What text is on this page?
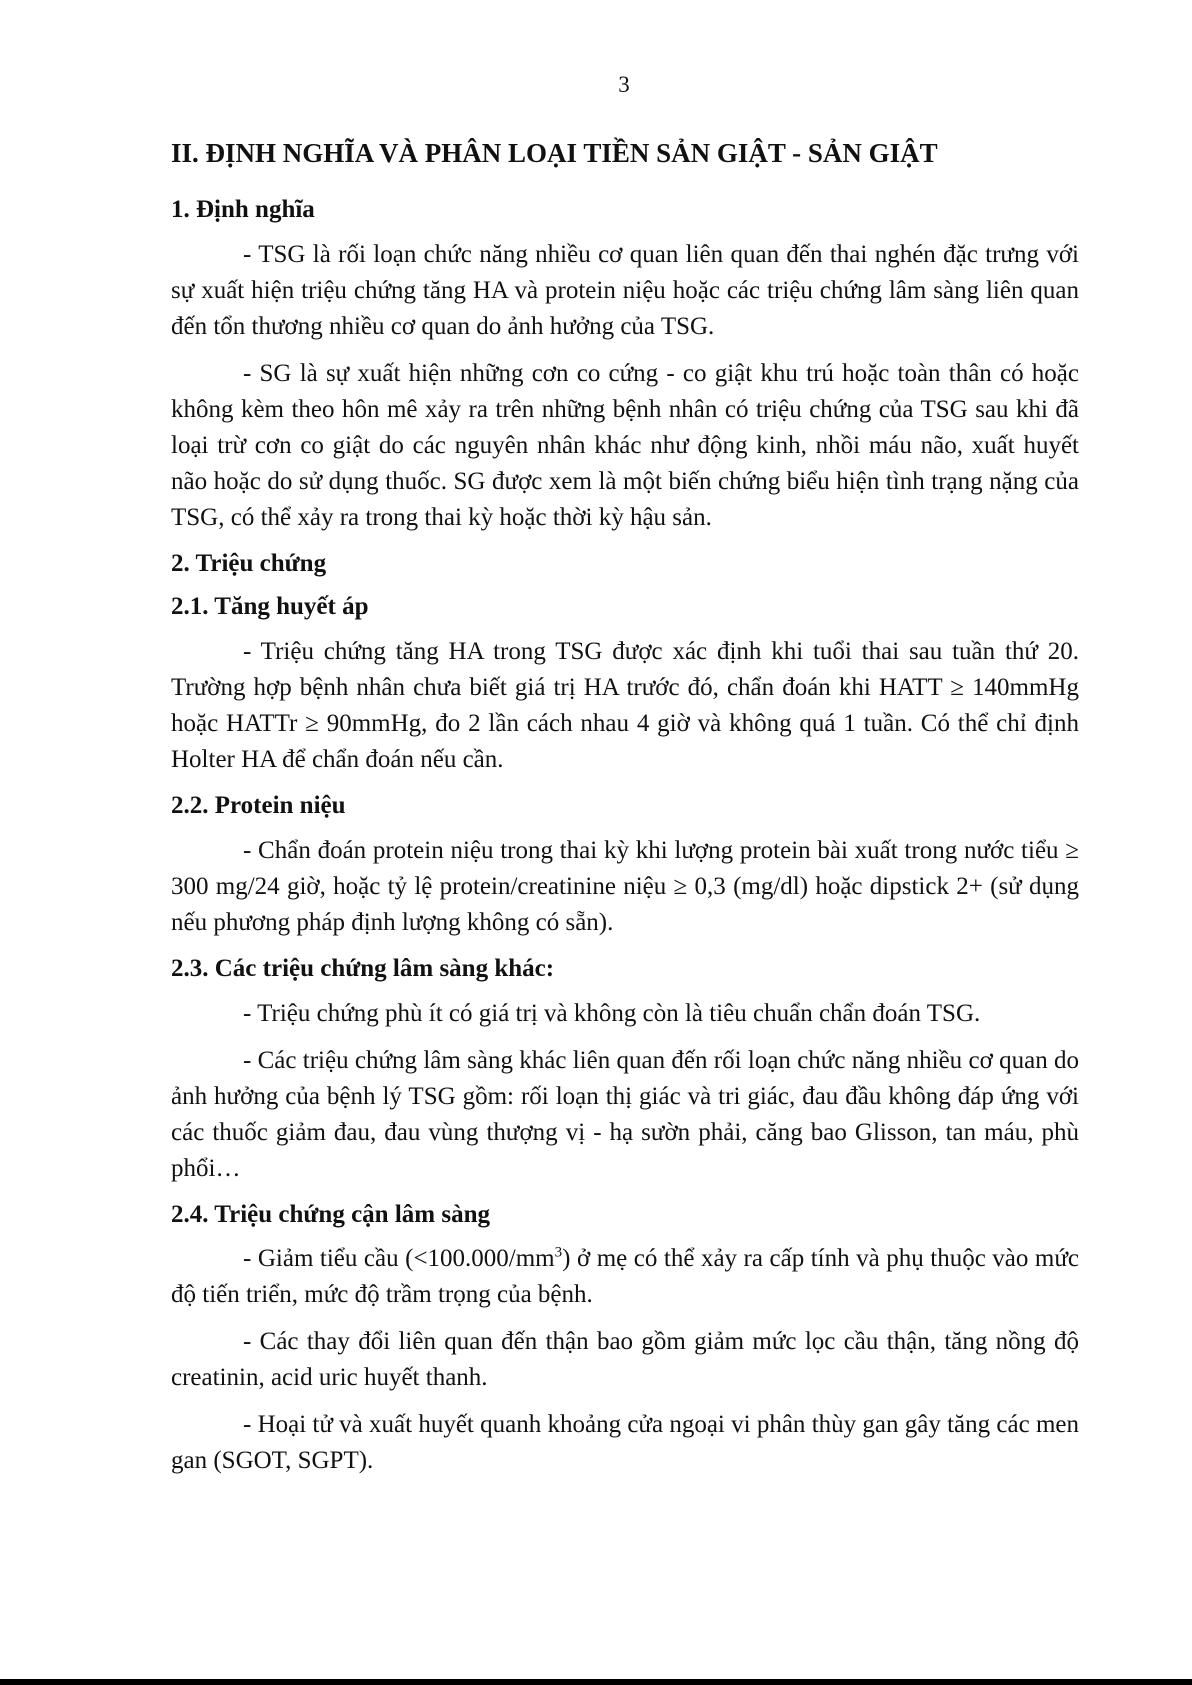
3
II. ĐỊNH NGHĨA VÀ PHÂN LOẠI TIỀN SẢN GIẬT - SẢN GIẬT
1. Định nghĩa

- TSG là rối loạn chức năng nhiều cơ quan liên quan đến thai nghén đặc trưng với sự xuất hiện triệu chứng tăng HA và protein niệu hoặc các triệu chứng lâm sàng liên quan đến tổn thương nhiều cơ quan do ảnh hưởng của TSG.

- SG là sự xuất hiện những cơn co cứng - co giật khu trú hoặc toàn thân có hoặc không kèm theo hôn mê xảy ra trên những bệnh nhân có triệu chứng của TSG sau khi đã loại trừ cơn co giật do các nguyên nhân khác như động kinh, nhồi máu não, xuất huyết não hoặc do sử dụng thuốc. SG được xem là một biến chứng biểu hiện tình trạng nặng của TSG, có thể xảy ra trong thai kỳ hoặc thời kỳ hậu sản.

2. Triệu chứng
2.1. Tăng huyết áp

- Triệu chứng tăng HA trong TSG được xác định khi tuổi thai sau tuần thứ 20. Trường hợp bệnh nhân chưa biết giá trị HA trước đó, chẩn đoán khi HATT ≥ 140mmHg hoặc HATTr ≥ 90mmHg, đo 2 lần cách nhau 4 giờ và không quá 1 tuần. Có thể chỉ định Holter HA để chẩn đoán nếu cần.

2.2. Protein niệu

- Chẩn đoán protein niệu trong thai kỳ khi lượng protein bài xuất trong nước tiểu ≥ 300 mg/24 giờ, hoặc tỷ lệ protein/creatinine niệu ≥ 0,3 (mg/dl) hoặc dipstick 2+ (sử dụng nếu phương pháp định lượng không có sẵn).

2.3. Các triệu chứng lâm sàng khác:

- Triệu chứng phù ít có giá trị và không còn là tiêu chuẩn chẩn đoán TSG.

- Các triệu chứng lâm sàng khác liên quan đến rối loạn chức năng nhiều cơ quan do ảnh hưởng của bệnh lý TSG gồm: rối loạn thị giác và tri giác, đau đầu không đáp ứng với các thuốc giảm đau, đau vùng thượng vị - hạ sườn phải, căng bao Glisson, tan máu, phù phổi…

2.4. Triệu chứng cận lâm sàng

- Giảm tiểu cầu $(<100.000/mm^3)$ ở mẹ có thể xảy ra cấp tính và phụ thuộc vào mức độ tiến triển, mức độ trầm trọng của bệnh.

- Các thay đổi liên quan đến thận bao gồm giảm mức lọc cầu thận, tăng nồng độ creatinin, acid uric huyết thanh.

- Hoại tử và xuất huyết quanh khoảng cửa ngoại vi phân thùy gan gây tăng các men gan (SGOT, SGPT).
